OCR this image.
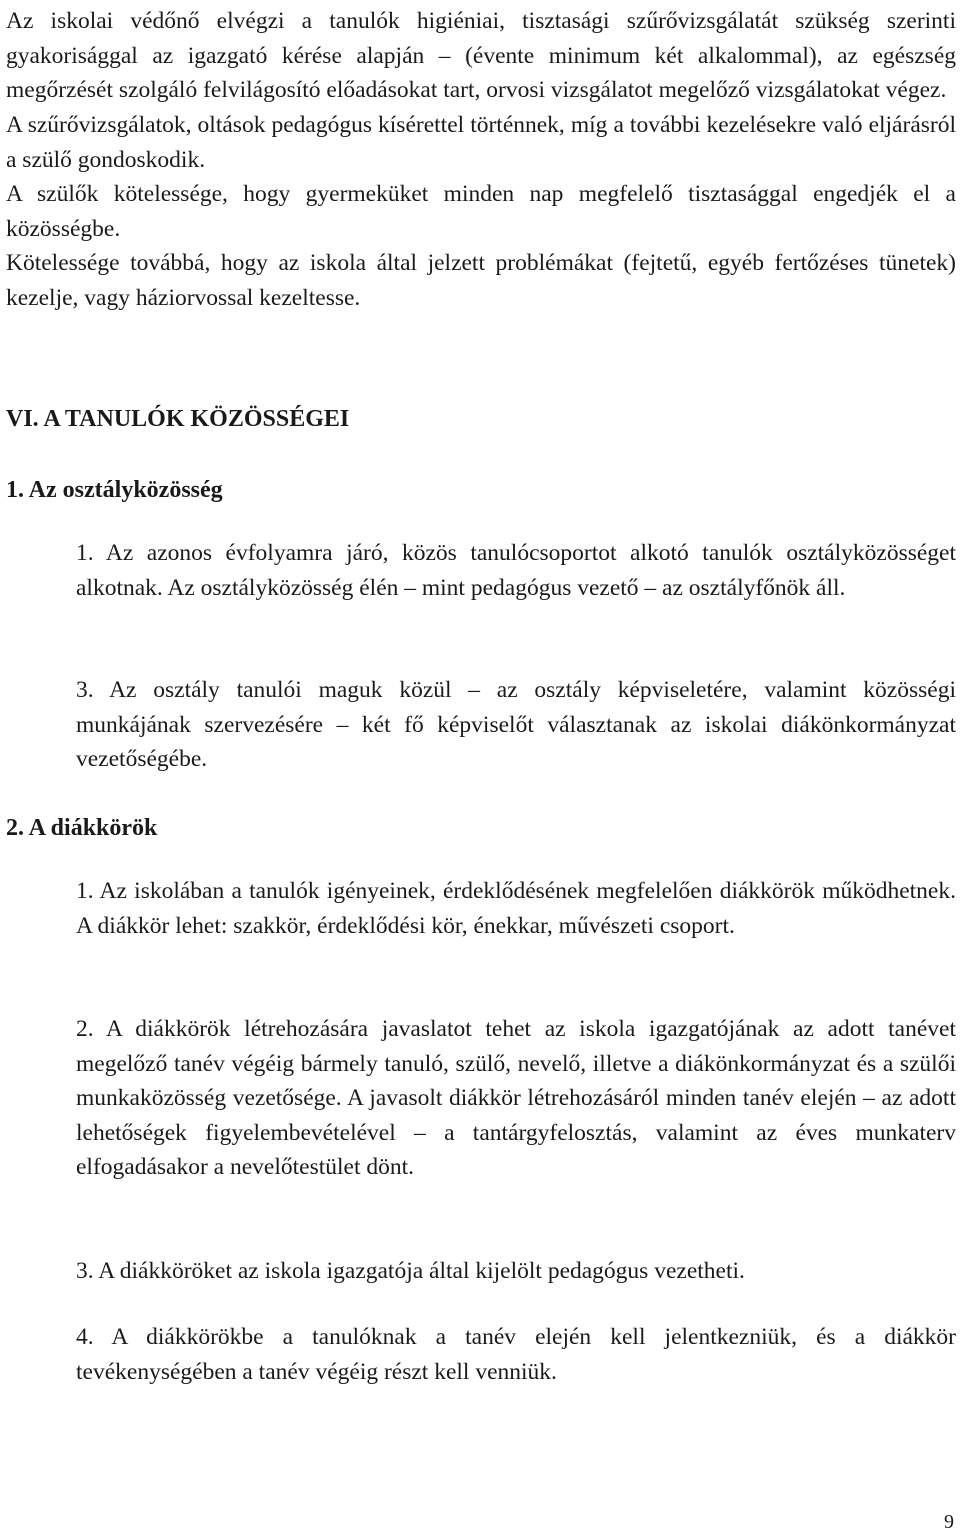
Az iskolai védőnő elvégzi a tanulók higiéniai, tisztasági szűrővizsgálatát szükség szerinti gyakorisággal az igazgató kérése alapján – (évente minimum két alkalommal), az egészség megőrzését szolgáló felvilágosító előadásokat tart, orvosi vizsgálatot megelőző vizsgálatokat végez.
A szűrővizsgálatok, oltások pedagógus kísérettel történnek, míg a további kezelésekre való eljárásról a szülő gondoskodik.
A szülők kötelessége, hogy gyermeküket minden nap megfelelő tisztasággal engedjék el a közösségbe.
Kötelessége továbbá, hogy az iskola által jelzett problémákat (fejtetű, egyéb fertőzéses tünetek) kezelje, vagy háziorvossal kezeltesse.
VI. A TANULÓK KÖZÖSSÉGEI
1. Az osztályközösség
1. Az azonos évfolyamra járó, közös tanulócsoportot alkotó tanulók osztályközösséget alkotnak. Az osztályközösség élén – mint pedagógus vezető – az osztályfőnök áll.
3. Az osztály tanulói maguk közül – az osztály képviseletére, valamint közösségi munkájának szervezésére – két fő képviselőt választanak az iskolai diákönkormányzat vezetőségébe.
2. A diákkörök
1. Az iskolában a tanulók igényeinek, érdeklődésének megfelelően diákkörök működhetnek. A diákkör lehet: szakkör, érdeklődési kör, énekkar, művészeti csoport.
2. A diákkörök létrehozására javaslatot tehet az iskola igazgatójának az adott tanévet megelőző tanév végéig bármely tanuló, szülő, nevelő, illetve a diákönkormányzat és a szülői munkaközösség vezetősége. A javasolt diákkör létrehozásáról minden tanév elején – az adott lehetőségek figyelembevételével – a tantárgyfelosztás, valamint az éves munkaterv elfogadásakor a nevelőtestület dönt.
3. A diákköröket az iskola igazgatója által kijelölt pedagógus vezetheti.
4. A diákkörökbe a tanulóknak a tanév elején kell jelentkezniük, és a diákkör tevékenységében a tanév végéig részt kell venniük.
9
